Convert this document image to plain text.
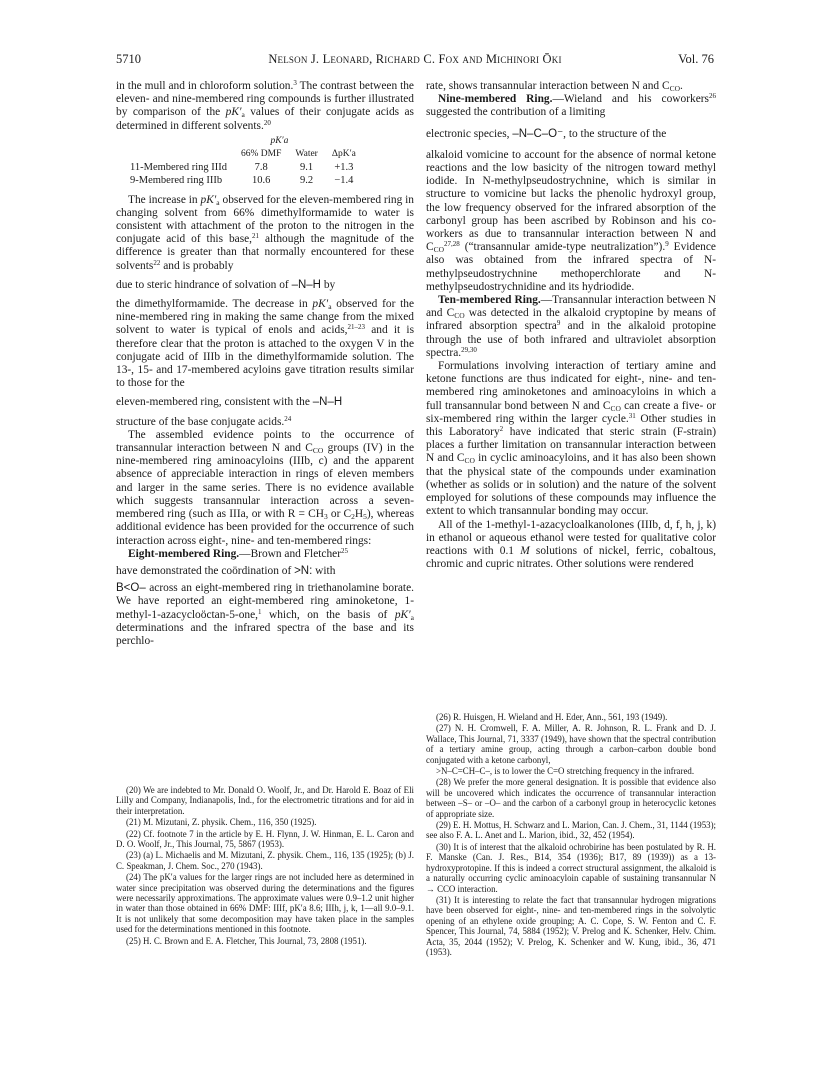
5710	Nelson J. Leonard, Richard C. Fox and Michinori Ōki	Vol. 76

in the mull and in chloroform solution.$^3$ The contrast between the eleven- and nine-membered ring compounds is further illustrated by comparison of the $pK'_a$ values of their conjugate acids as determined in different solvents.$^{20}$

	pK′a		
	66% DMF	Water	ΔpK′a
11-Membered ring IIId	7.8	9.1	+1.3
9-Membered ring IIIb	10.6	9.2	−1.4

The increase in $pK'_a$ observed for the eleven-membered ring in changing solvent from 66% dimethylformamide to water is consistent with attachment of the proton to the nitrogen in the conjugate acid of this base,$^{21}$ although the magnitude of the difference is greater than that normally encountered for these solvents$^{22}$ and is probably

due to steric hindrance of solvation of –N–H by

the dimethylformamide. The decrease in $pK'_a$ observed for the nine-membered ring in making the same change from the mixed solvent to water is typical of enols and acids,$^{21-23}$ and it is therefore clear that the proton is attached to the oxygen V in the conjugate acid of IIIb in the dimethylformamide solution. The 13-, 15- and 17-membered acyloins gave titration results similar to those for the

eleven-membered ring, consistent with the –N–H

structure of the base conjugate acids.$^{24}$

The assembled evidence points to the occurrence of transannular interaction between N and $C_{CO}$ groups (IV) in the nine-membered ring aminoacyloins (IIIb, c) and the apparent absence of appreciable interaction in rings of eleven members and larger in the same series. There is no evidence available which suggests transannular interaction across a seven-membered ring (such as IIIa, or with $R = CH_3$ or $C_2H_5$), whereas additional evidence has been provided for the occurrence of such interaction across eight-, nine- and ten-membered rings:

Eight-membered Ring.—Brown and Fletcher$^{25}$

have demonstrated the coördination of >N: with

B<O– across an eight-membered ring in triethanolamine borate. We have reported an eight-membered ring aminoketone, 1-methyl-1-azacycloöctan-5-one,$^1$ which, on the basis of $pK'_a$ determinations and the infrared spectra of the base and its perchlo-

rate, shows transannular interaction between N and $C_{CO}$.

Nine-membered Ring.—Wieland and his coworkers$^{26}$ suggested the contribution of a limiting

electronic species, –N–C–O⁻, to the structure of the

alkaloid vomicine to account for the absence of normal ketone reactions and the low basicity of the nitrogen toward methyl iodide. In N-methylpseudostrychnine, which is similar in structure to vomicine but lacks the phenolic hydroxyl group, the low frequency observed for the infrared absorption of the carbonyl group has been ascribed by Robinson and his co-workers as due to transannular interaction between N and $C_{CO}^{27,28}$ (“transannular amide-type neutralization”).$^9$ Evidence also was obtained from the infrared spectra of N-methylpseudostrychnine methoperchlorate and N-methylpseudostrychnidine and its hydriodide.

Ten-membered Ring.—Transannular interaction between N and $C_{CO}$ was detected in the alkaloid cryptopine by means of infrared absorption spectra$^9$ and in the alkaloid protopine through the use of both infrared and ultraviolet absorption spectra.$^{29,30}$

Formulations involving interaction of tertiary amine and ketone functions are thus indicated for eight-, nine- and ten-membered ring aminoketones and aminoacyloins in which a full transannular bond between N and $C_{CO}$ can create a five- or six-membered ring within the larger cycle.$^{31}$ Other studies in this Laboratory$^2$ have indicated that steric strain (F-strain) places a further limitation on transannular interaction between N and $C_{CO}$ in cyclic aminoacyloins, and it has also been shown that the physical state of the compounds under examination (whether as solids or in solution) and the nature of the solvent employed for solutions of these compounds may influence the extent to which transannular bonding may occur.

All of the 1-methyl-1-azacycloalkanolones (IIIb, d, f, h, j, k) in ethanol or aqueous ethanol were tested for qualitative color reactions with 0.1 M solutions of nickel, ferric, cobaltous, chromic and cupric nitrates. Other solutions were rendered

(20) We are indebted to Mr. Donald O. Woolf, Jr., and Dr. Harold E. Boaz of Eli Lilly and Company, Indianapolis, Ind., for the electrometric titrations and for aid in their interpretation.

(21) M. Mizutani, Z. physik. Chem., 116, 350 (1925).

(22) Cf. footnote 7 in the article by E. H. Flynn, J. W. Hinman, E. L. Caron and D. O. Woolf, Jr., This Journal, 75, 5867 (1953).

(23) (a) L. Michaelis and M. Mizutani, Z. physik. Chem., 116, 135 (1925); (b) J. C. Speakman, J. Chem. Soc., 270 (1943).

(24) The pK′a values for the larger rings are not included here as determined in water since precipitation was observed during the determinations and the figures were necessarily approximations. The approximate values were 0.9–1.2 unit higher in water than those obtained in 66% DMF: IIIf, pK′a 8.6; IIIh, j, k, 1—all 9.0–9.1. It is not unlikely that some decomposition may have taken place in the samples used for the determinations mentioned in this footnote.

(25) H. C. Brown and E. A. Fletcher, This Journal, 73, 2808 (1951).

(26) R. Huisgen, H. Wieland and H. Eder, Ann., 561, 193 (1949).

(27) N. H. Cromwell, F. A. Miller, A. R. Johnson, R. L. Frank and D. J. Wallace, This Journal, 71, 3337 (1949), have shown that the spectral contribution of a tertiary amine group, acting through a carbon–carbon double bond conjugated with a ketone carbonyl,

>N–C=CH–C–, is to lower the C=O stretching frequency in the infrared.

(28) We prefer the more general designation. It is possible that evidence also will be uncovered which indicates the occurrence of transannular interaction between –S– or –O– and the carbon of a carbonyl group in heterocyclic ketones of appropriate size.

(29) E. H. Mottus, H. Schwarz and L. Marion, Can. J. Chem., 31, 1144 (1953); see also F. A. L. Anet and L. Marion, ibid., 32, 452 (1954).

(30) It is of interest that the alkaloid ochrobirine has been postulated by R. H. F. Manske (Can. J. Res., B14, 354 (1936); B17, 89 (1939)) as a 13-hydroxyprotopine. If this is indeed a correct structural assignment, the alkaloid is a naturally occurring cyclic aminoacyloin capable of sustaining transannular N → CCO interaction.

(31) It is interesting to relate the fact that transannular hydrogen migrations have been observed for eight-, nine- and ten-membered rings in the solvolytic opening of an ethylene oxide grouping; A. C. Cope, S. W. Fenton and C. F. Spencer, This Journal, 74, 5884 (1952); V. Prelog and K. Schenker, Helv. Chim. Acta, 35, 2044 (1952); V. Prelog, K. Schenker and W. Kung, ibid., 36, 471 (1953).
